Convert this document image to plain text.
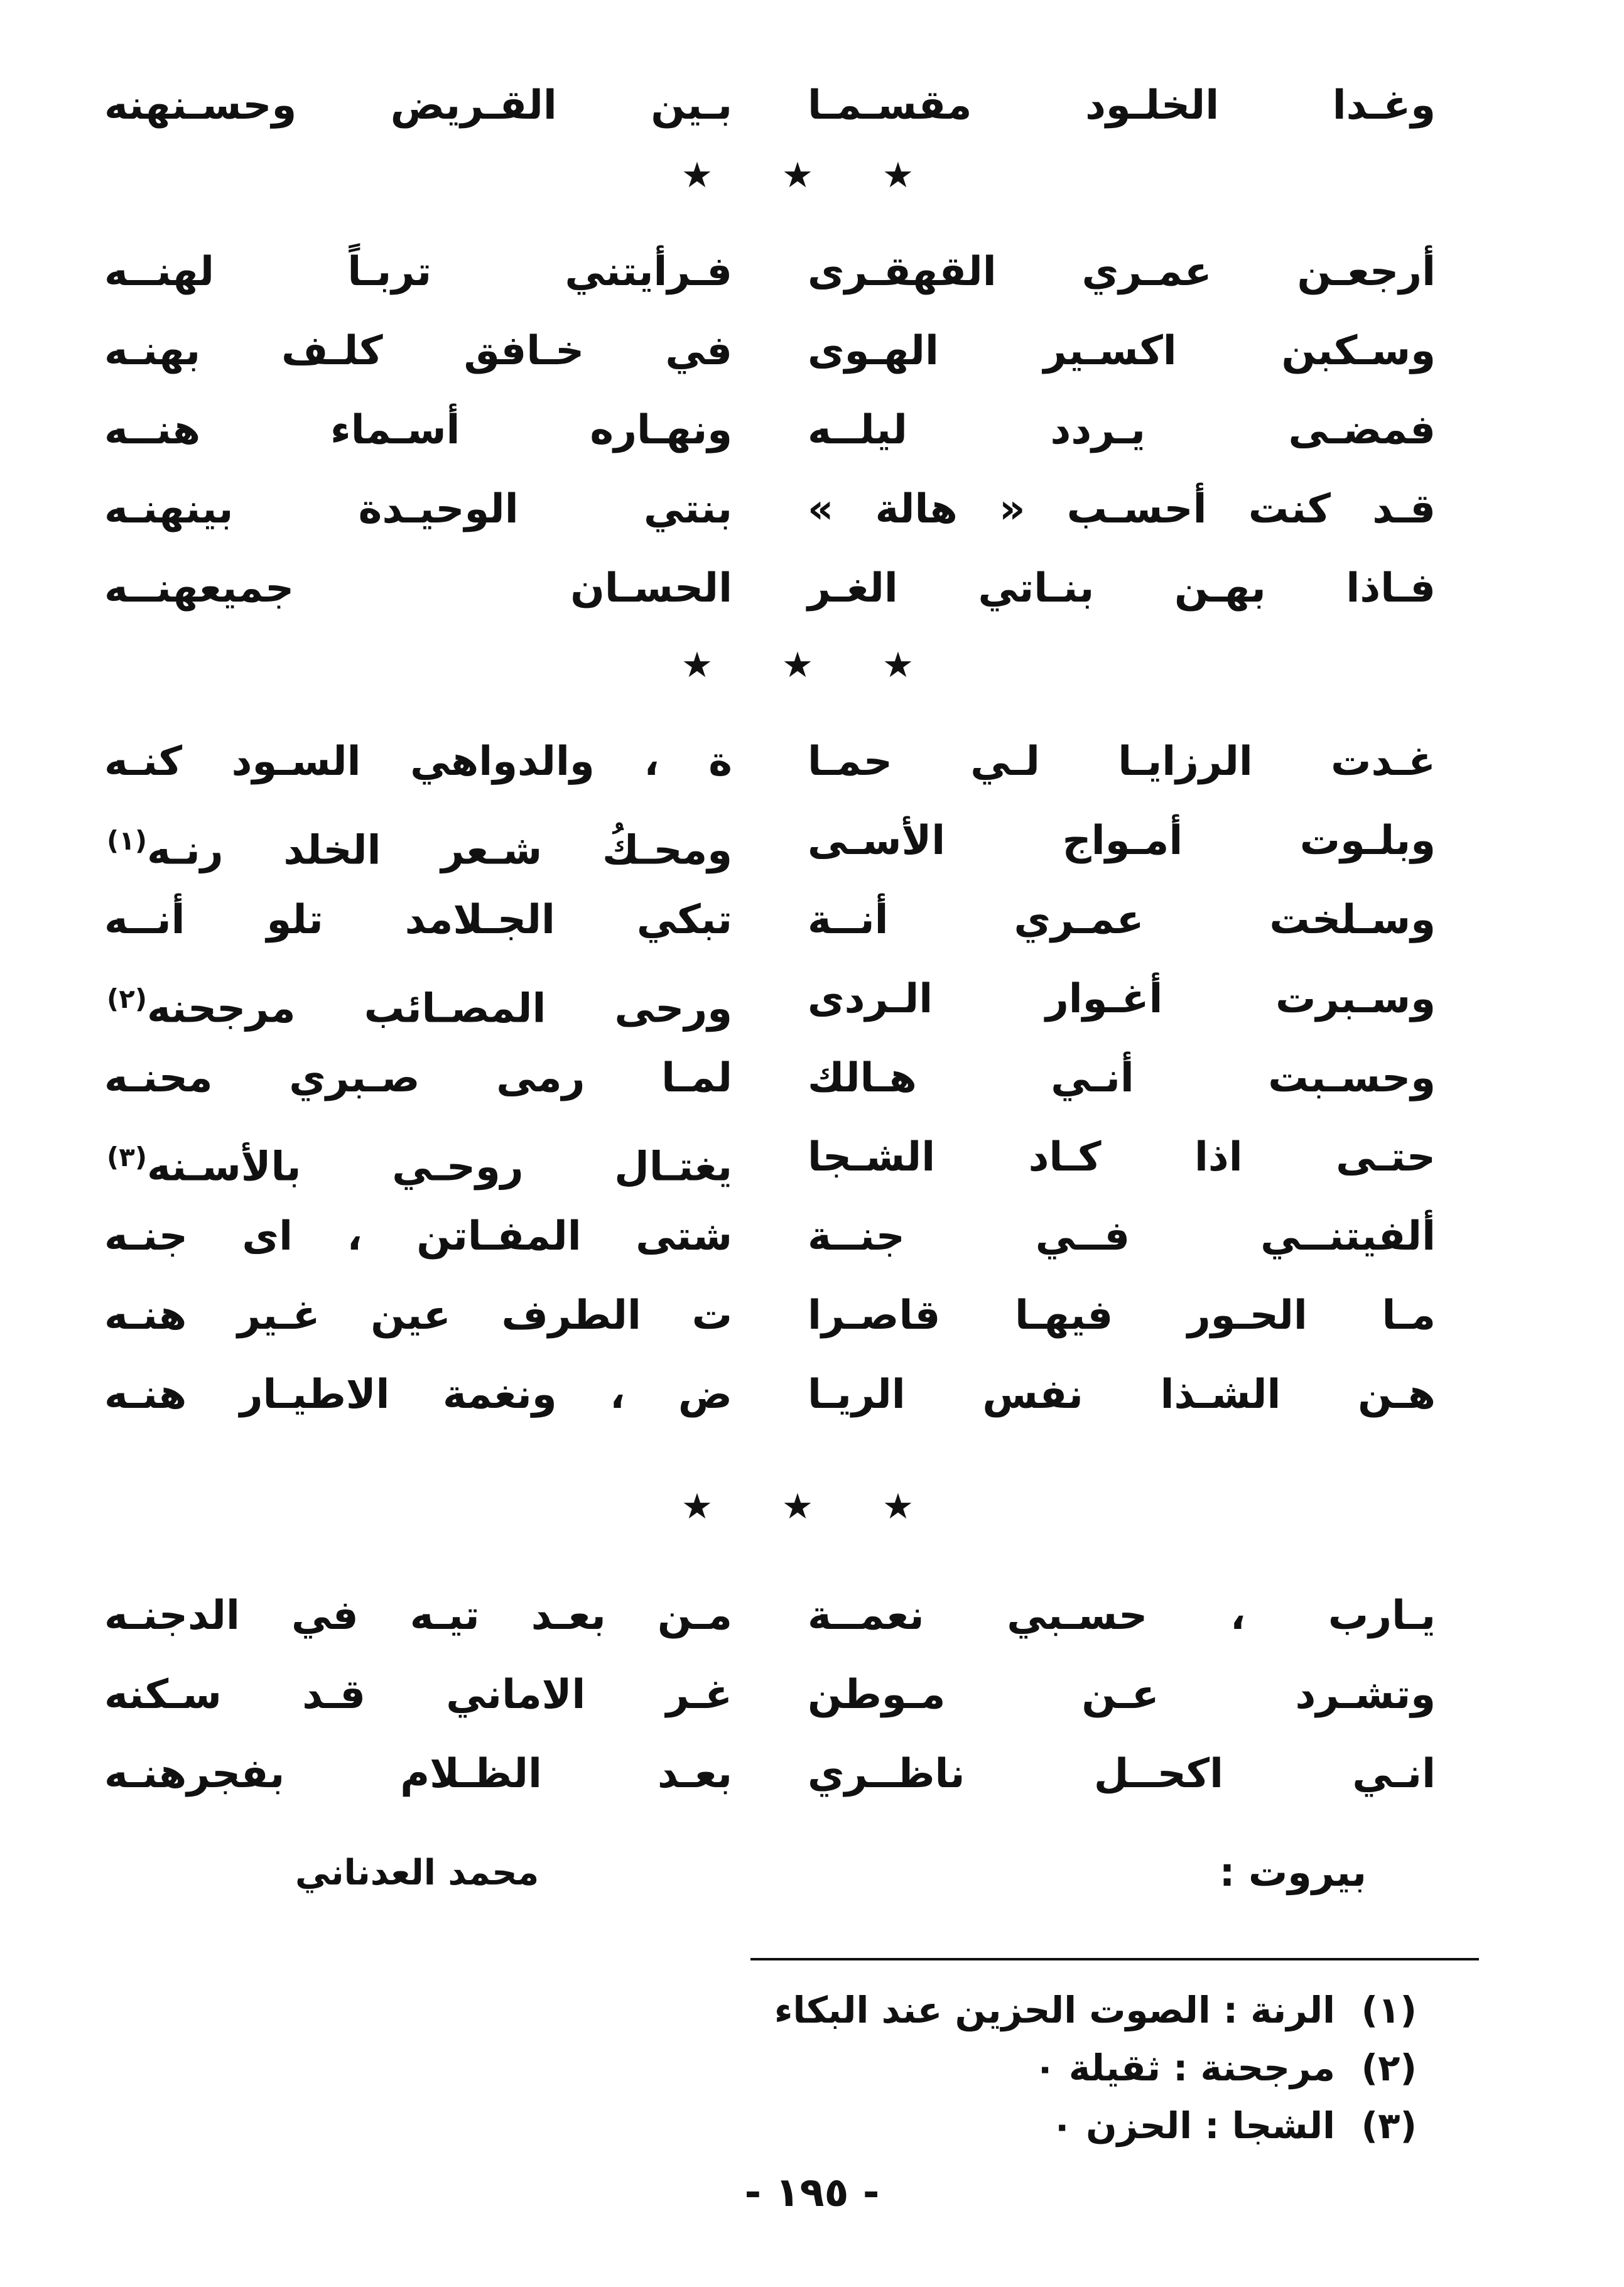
وغـدا الخلـود مقسـمـا
بـين القـريض وحسـنهنه
★ ★ ★
أرجعـن عمـري القهقـرى
فـرأيتني تربـاً لهنــه
وسـكبن اكسـير الهـوى
في خـافق كلـف بهنـه
فمضـى يـردد ليلــه
ونهـاره أسـماء هنــه
قـد كنت أحسـب « هالة »
بنتي الوحيـدة بينهنـه
فـاذا بهـن بنـاتي الغـر
الحسـان جميعهنــه
★ ★ ★
غـدت الرزايـا لـي حمـا
ة ، والدواهي السـود كنـه
وبلـوت أمـواج الأسـى
ومحـكُ شـعر الخلد رنـه$^{(١)}$
وسـلخت عمـري أنــة
تبكي الجـلامد تلو أنــه
وسـبرت أغـوار الـردى
ورحى المصـائب مرجحنه$^{(٢)}$
وحسـبت أنـي هـالك
لمـا رمى صـبري محنـه
حتـى اذا كـاد الشـجا
يغتـال روحـي بالأسـنه$^{(٣)}$
ألفيتنــي فــي جنــة
شتى المفـاتن ، اى جنـه
مـا الحـور فيهـا قاصـرا
ت الطرف عين غـير هنـه
هـن الشـذا نفس الريـا
ض ، ونغمة الاطيـار هنـه
★ ★ ★
يـارب ، حسـبي نعمــة
مـن بعـد تيـه في الدجنـه
وتشـرد عـن مـوطن
غـر الاماني قـد سـكنه
انـي اكحــل ناظــري
بعـد الظـلام بفجرهنـه
بيروت :
محمد العدناني
(١)الرنة : الصوت الحزين عند البكاء
(٢)مرجحنة : ثقيلة ٠
(٣)الشجا : الحزن ٠
- ١٩٥ -
